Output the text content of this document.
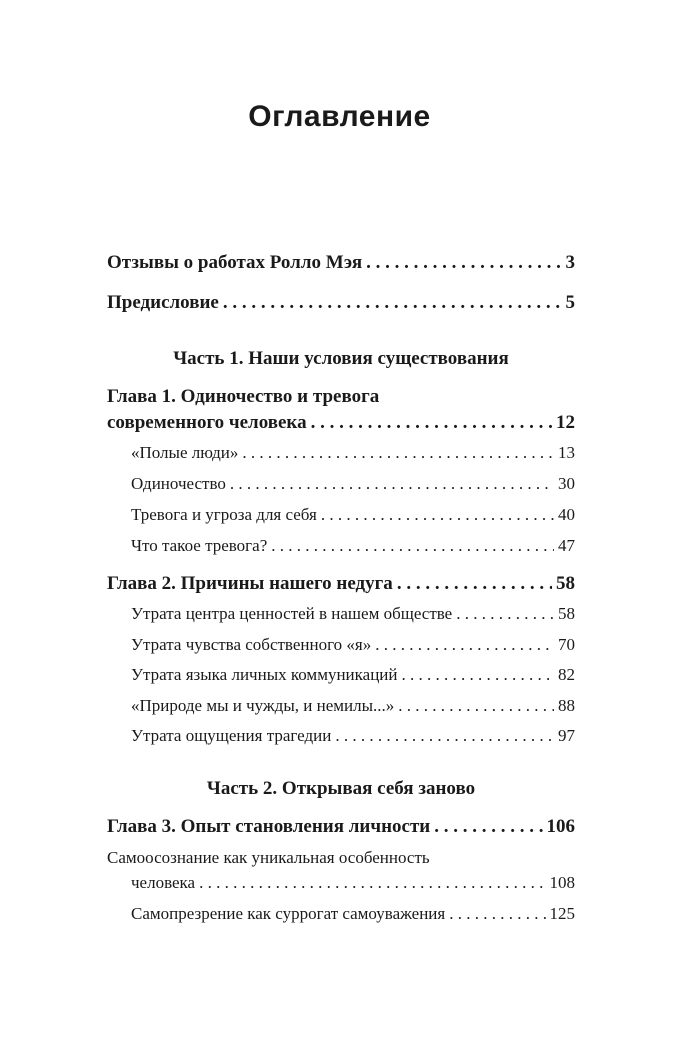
Оглавление
Отзывы о работах Ролло Мэя . . .	3
Предисловие . . .	5
Часть 1. Наши условия существования
Глава 1. Одиночество и тревога
современного человека . . .	12
«Полые люди» . . .	13
Одиночество . . .	30
Тревога и угроза для себя . . .	40
Что такое тревога? . . .	47
Глава 2. Причины нашего недуга . . .	58
Утрата центра ценностей в нашем обществе . . .	58
Утрата чувства собственного «я» . . .	70
Утрата языка личных коммуникаций . . .	82
«Природе мы и чужды, и немилы...» . . .	88
Утрата ощущения трагедии . . .	97
Часть 2. Открывая себя заново
Глава 3. Опыт становления личности . . .	106
Самоосознание как уникальная особенность
человека . . .	108
Самопрезрение как суррогат самоуважения . . .	125
